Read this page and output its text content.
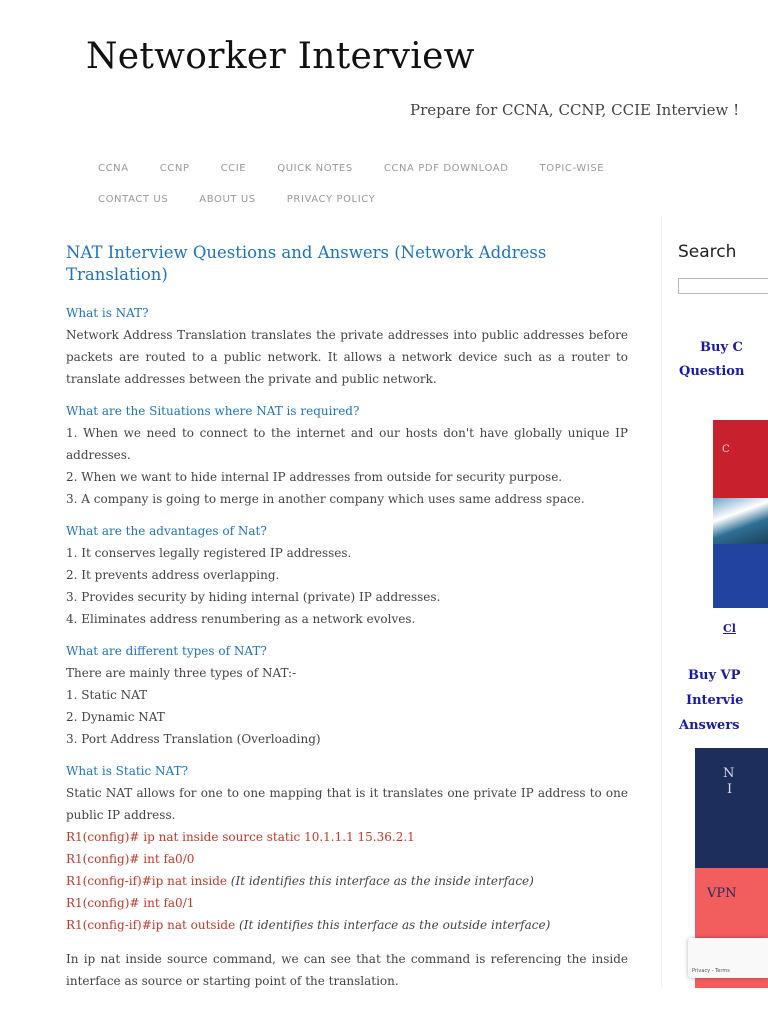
Networker Interview
Prepare for CCNA, CCNP, CCIE Interview !
CCNA	CCNP	CCIE	QUICK NOTES	CCNA PDF DOWNLOAD	TOPIC-WISE
CONTACT US	ABOUT US	PRIVACY POLICY
NAT Interview Questions and Answers (Network Address Translation)
What is NAT?
Network Address Translation translates the private addresses into public addresses before packets are routed to a public network. It allows a network device such as a router to translate addresses between the private and public network.
What are the Situations where NAT is required?
1. When we need to connect to the internet and our hosts don't have globally unique IP addresses.
2. When we want to hide internal IP addresses from outside for security purpose.
3. A company is going to merge in another company which uses same address space.
What are the advantages of Nat?
1. It conserves legally registered IP addresses.
2. It prevents address overlapping.
3. Provides security by hiding internal (private) IP addresses.
4. Eliminates address renumbering as a network evolves.
What are different types of NAT?
There are mainly three types of NAT:-
1. Static NAT
2. Dynamic NAT
3. Port Address Translation (Overloading)
What is Static NAT?
Static NAT allows for one to one mapping that is it translates one private IP address to one public IP address.
R1(config)# ip nat inside source static 10.1.1.1 15.36.2.1
R1(config)# int fa0/0
R1(config-if)#ip nat inside (It identifies this interface as the inside interface)
R1(config)# int fa0/1
R1(config-if)#ip nat outside (It identifies this interface as the outside interface)
In ip nat inside source command, we can see that the command is referencing the inside interface as source or starting point of the translation.
Search
Buy C
Question
C
Cl
Buy VP
Intervie
Answers
N
I
VPN
Privacy - Terms
